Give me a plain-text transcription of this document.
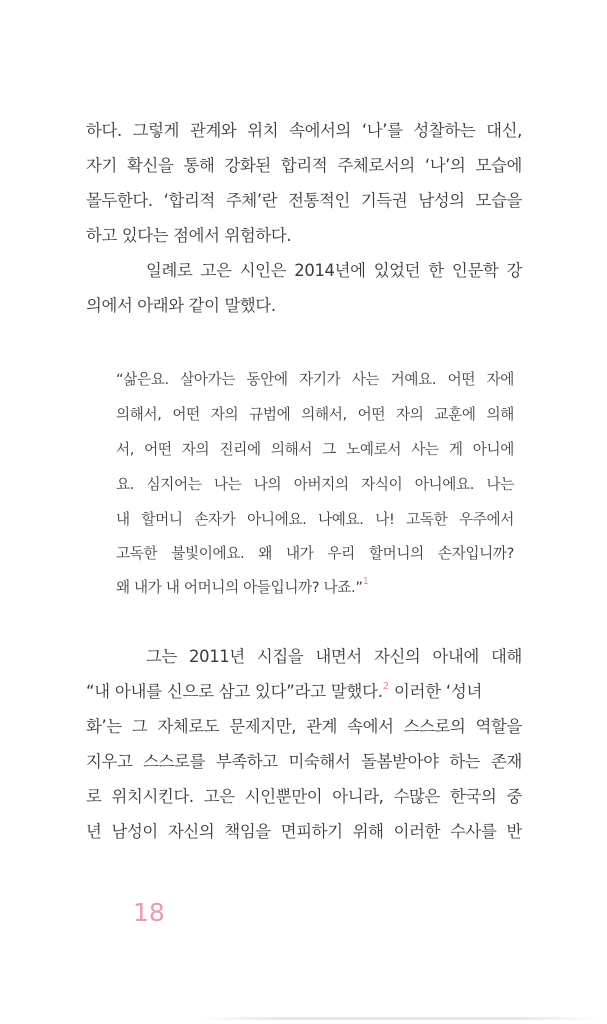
하다. 그렇게 관계와 위치 속에서의 ‘나’를 성찰하는 대신,
자기 확신을 통해 강화된 합리적 주체로서의 ‘나’의 모습에
몰두한다. ‘합리적 주체’란 전통적인 기득권 남성의 모습을
하고 있다는 점에서 위험하다.
일례로 고은 시인은 2014년에 있었던 한 인문학 강
의에서 아래와 같이 말했다.
“삶은요. 살아가는 동안에 자기가 사는 거예요. 어떤 자에
의해서, 어떤 자의 규범에 의해서, 어떤 자의 교훈에 의해
서, 어떤 자의 진리에 의해서 그 노예로서 사는 게 아니에
요. 심지어는 나는 나의 아버지의 자식이 아니에요. 나는
내 할머니 손자가 아니에요. 나예요. 나! 고독한 우주에서
고독한 불빛이에요. 왜 내가 우리 할머니의 손자입니까?
왜 내가 내 어머니의 아들입니까? 나죠.”$^1$
그는 2011년 시집을 내면서 자신의 아내에 대해
“내 아내를 신으로 삼고 있다”라고 말했다.$^2$ 이러한 ‘성녀
화’는 그 자체로도 문제지만, 관계 속에서 스스로의 역할을
지우고 스스로를 부족하고 미숙해서 돌봄받아야 하는 존재
로 위치시킨다. 고은 시인뿐만이 아니라, 수많은 한국의 중
년 남성이 자신의 책임을 면피하기 위해 이러한 수사를 반
18
